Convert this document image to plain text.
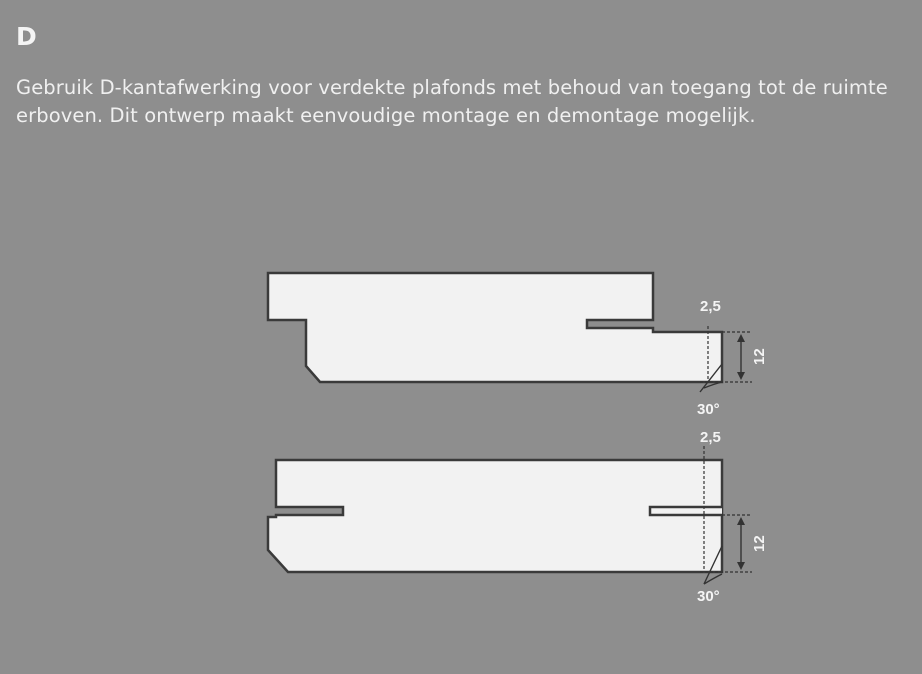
D

Gebruik D-kantafwerking voor verdekte plafonds met behoud van toegang tot de ruimte erboven. Dit ontwerp maakt eenvoudige montage en demontage mogelijk.

2,5
12
30°
2,5
12
30°
